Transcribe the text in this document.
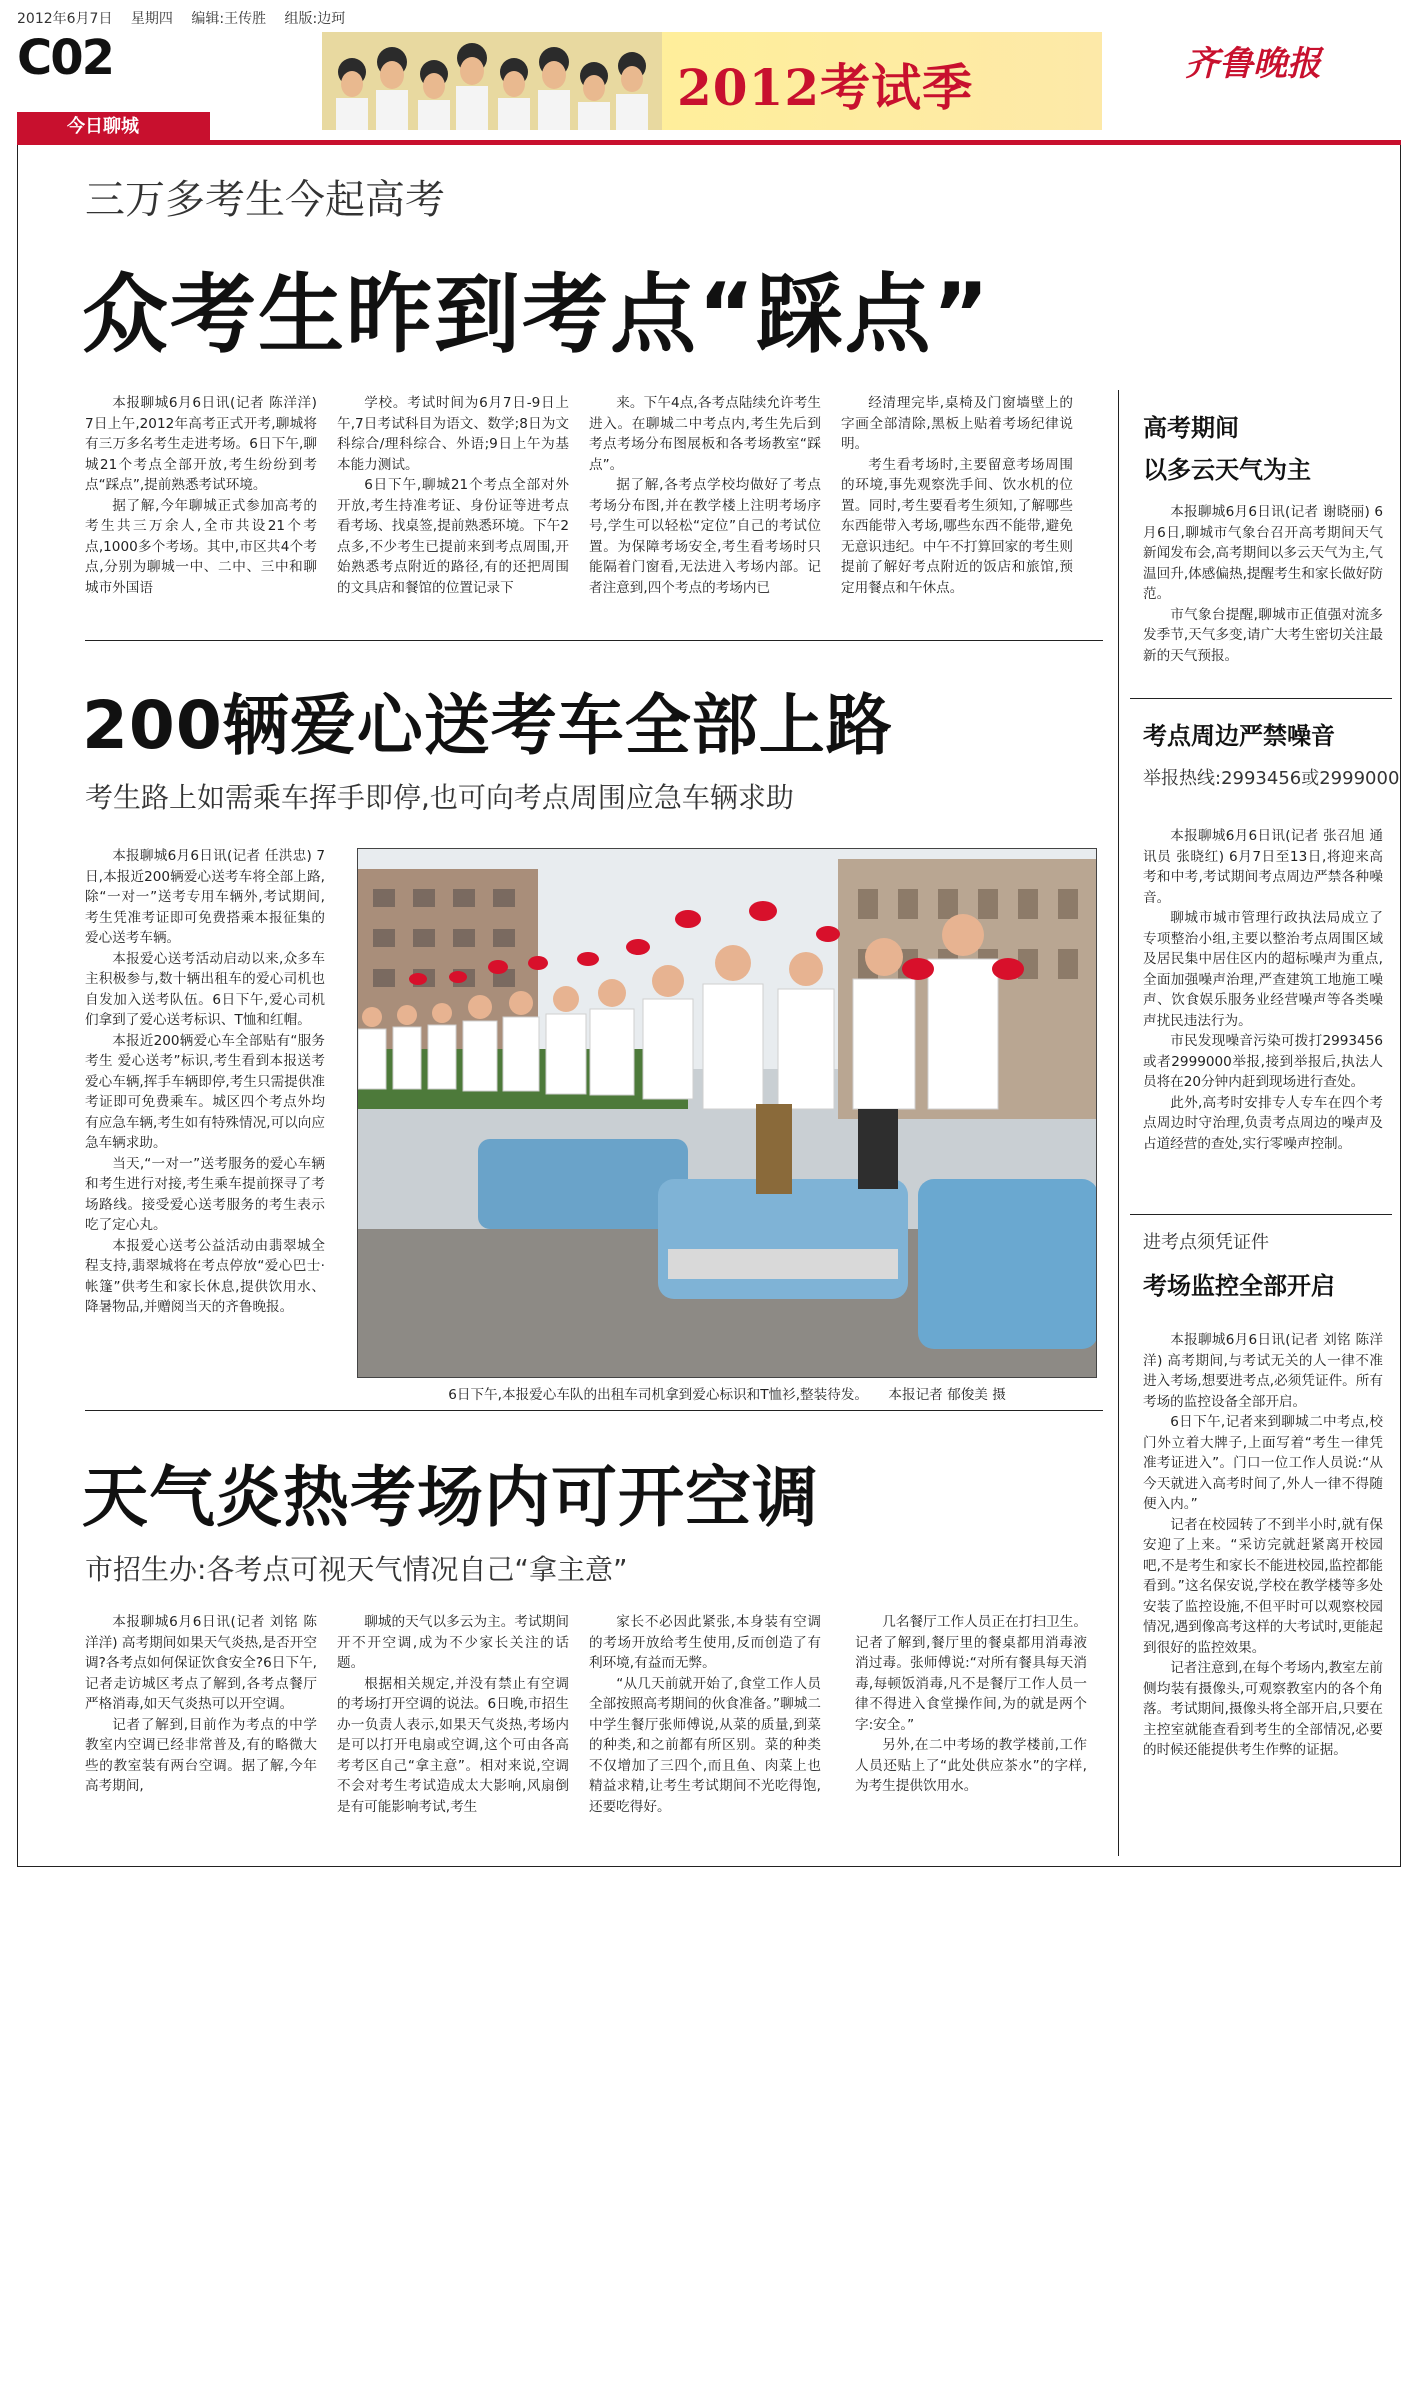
2012年6月7日 星期四 编辑:王传胜 组版:边珂
C02	2012考试季	齐鲁晚报
今日聊城
三万多考生今起高考
众考生昨到考点“踩点”

本报聊城6月6日讯(记者 陈洋洋) 7日上午,2012年高考正式开考,聊城将有三万多名考生走进考场。6日下午,聊城21个考点全部开放,考生纷纷到考点“踩点”,提前熟悉考试环境。

据了解,今年聊城正式参加高考的考生共三万余人,全市共设21个考点,1000多个考场。其中,市区共4个考点,分别为聊城一中、二中、三中和聊城市外国语

学校。考试时间为6月7日-9日上午,7日考试科目为语文、数学;8日为文科综合/理科综合、外语;9日上午为基本能力测试。

6日下午,聊城21个考点全部对外开放,考生持准考证、身份证等进考点看考场、找桌签,提前熟悉环境。下午2点多,不少考生已提前来到考点周围,开始熟悉考点附近的路径,有的还把周围的文具店和餐馆的位置记录下

来。下午4点,各考点陆续允许考生进入。在聊城二中考点内,考生先后到考点考场分布图展板和各考场教室“踩点”。

据了解,各考点学校均做好了考点考场分布图,并在教学楼上注明考场序号,学生可以轻松“定位”自己的考试位置。为保障考场安全,考生看考场时只能隔着门窗看,无法进入考场内部。记者注意到,四个考点的考场内已

经清理完毕,桌椅及门窗墙壁上的字画全部清除,黑板上贴着考场纪律说明。

考生看考场时,主要留意考场周围的环境,事先观察洗手间、饮水机的位置。同时,考生要看考生须知,了解哪些东西能带入考场,哪些东西不能带,避免无意识违纪。中午不打算回家的考生则提前了解好考点附近的饭店和旅馆,预定用餐点和午休点。

200辆爱心送考车全部上路
考生路上如需乘车挥手即停,也可向考点周围应急车辆求助

本报聊城6月6日讯(记者 任洪忠) 7日,本报近200辆爱心送考车将全部上路,除“一对一”送考专用车辆外,考试期间,考生凭准考证即可免费搭乘本报征集的爱心送考车辆。

本报爱心送考活动启动以来,众多车主积极参与,数十辆出租车的爱心司机也自发加入送考队伍。6日下午,爱心司机们拿到了爱心送考标识、T恤和红帽。

本报近200辆爱心车全部贴有“服务考生 爱心送考”标识,考生看到本报送考爱心车辆,挥手车辆即停,考生只需提供准考证即可免费乘车。城区四个考点外均有应急车辆,考生如有特殊情况,可以向应急车辆求助。

当天,“一对一”送考服务的爱心车辆和考生进行对接,考生乘车提前探寻了考场路线。接受爱心送考服务的考生表示吃了定心丸。

本报爱心送考公益活动由翡翠城全程支持,翡翠城将在考点停放“爱心巴士·帐篷”供考生和家长休息,提供饮用水、降暑物品,并赠阅当天的齐鲁晚报。

6日下午,本报爱心车队的出租车司机拿到爱心标识和T恤衫,整装待发。　　本报记者 郁俊美 摄
天气炎热考场内可开空调
市招生办:各考点可视天气情况自己“拿主意”

本报聊城6月6日讯(记者 刘铭 陈洋洋) 高考期间如果天气炎热,是否开空调?各考点如何保证饮食安全?6日下午,记者走访城区考点了解到,各考点餐厅严格消毒,如天气炎热可以开空调。

记者了解到,目前作为考点的中学教室内空调已经非常普及,有的略微大些的教室装有两台空调。据了解,今年高考期间,

聊城的天气以多云为主。考试期间开不开空调,成为不少家长关注的话题。

根据相关规定,并没有禁止有空调的考场打开空调的说法。6日晚,市招生办一负责人表示,如果天气炎热,考场内是可以打开电扇或空调,这个可由各高考考区自己“拿主意”。相对来说,空调不会对考生考试造成太大影响,风扇倒是有可能影响考试,考生

家长不必因此紧张,本身装有空调的考场开放给考生使用,反而创造了有利环境,有益而无弊。

“从几天前就开始了,食堂工作人员全部按照高考期间的伙食准备。”聊城二中学生餐厅张师傅说,从菜的质量,到菜的种类,和之前都有所区别。菜的种类不仅增加了三四个,而且鱼、肉菜上也精益求精,让考生考试期间不光吃得饱,还要吃得好。

几名餐厅工作人员正在打扫卫生。记者了解到,餐厅里的餐桌都用消毒液消过毒。张师傅说:“对所有餐具每天消毒,每顿饭消毒,凡不是餐厅工作人员一律不得进入食堂操作间,为的就是两个字:安全。”

另外,在二中考场的教学楼前,工作人员还贴上了“此处供应茶水”的字样,为考生提供饮用水。

高考期间
以多云天气为主

本报聊城6月6日讯(记者 谢晓丽) 6月6日,聊城市气象台召开高考期间天气新闻发布会,高考期间以多云天气为主,气温回升,体感偏热,提醒考生和家长做好防范。

市气象台提醒,聊城市正值强对流多发季节,天气多变,请广大考生密切关注最新的天气预报。

考点周边严禁噪音
举报热线:2993456或2999000

本报聊城6月6日讯(记者 张召旭 通讯员 张晓红) 6月7日至13日,将迎来高考和中考,考试期间考点周边严禁各种噪音。

聊城市城市管理行政执法局成立了专项整治小组,主要以整治考点周围区域及居民集中居住区内的超标噪声为重点,全面加强噪声治理,严查建筑工地施工噪声、饮食娱乐服务业经营噪声等各类噪声扰民违法行为。

市民发现噪音污染可拨打2993456或者2999000举报,接到举报后,执法人员将在20分钟内赶到现场进行查处。

此外,高考时安排专人专车在四个考点周边时守治理,负责考点周边的噪声及占道经营的查处,实行零噪声控制。

进考点须凭证件
考场监控全部开启

本报聊城6月6日讯(记者 刘铭 陈洋洋) 高考期间,与考试无关的人一律不准进入考场,想要进考点,必须凭证件。所有考场的监控设备全部开启。

6日下午,记者来到聊城二中考点,校门外立着大牌子,上面写着“考生一律凭准考证进入”。门口一位工作人员说:“从今天就进入高考时间了,外人一律不得随便入内。”

记者在校园转了不到半小时,就有保安迎了上来。“采访完就赶紧离开校园吧,不是考生和家长不能进校园,监控都能看到。”这名保安说,学校在教学楼等多处安装了监控设施,不但平时可以观察校园情况,遇到像高考这样的大考试时,更能起到很好的监控效果。

记者注意到,在每个考场内,教室左前侧均装有摄像头,可观察教室内的各个角落。考试期间,摄像头将全部开启,只要在主控室就能查看到考生的全部情况,必要的时候还能提供考生作弊的证据。
